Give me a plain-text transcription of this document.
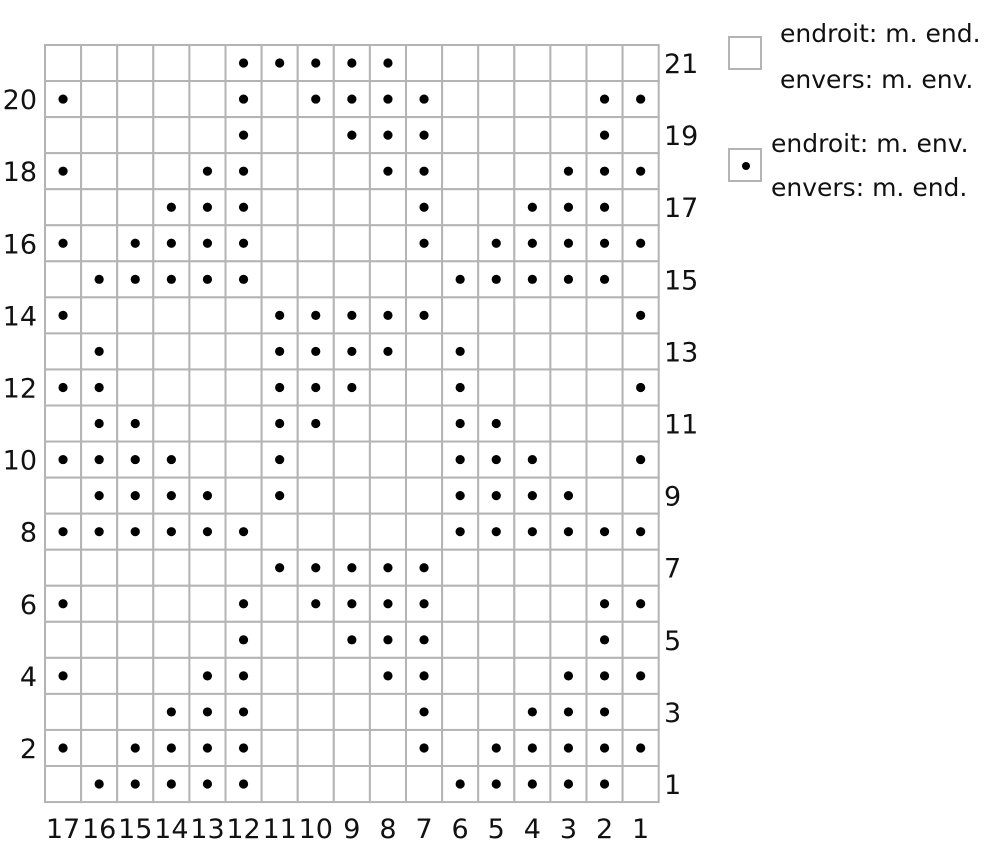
17 16 15 14 13 12 11 10 9 8 7 6 5 4 3 2 1
20
18
16
14
12
10
8
6
4
2
21
19
17
15
13
11
9
7
5
3
1
endroit: m. end.
envers: m. env.
endroit: m. env.
envers: m. end.
